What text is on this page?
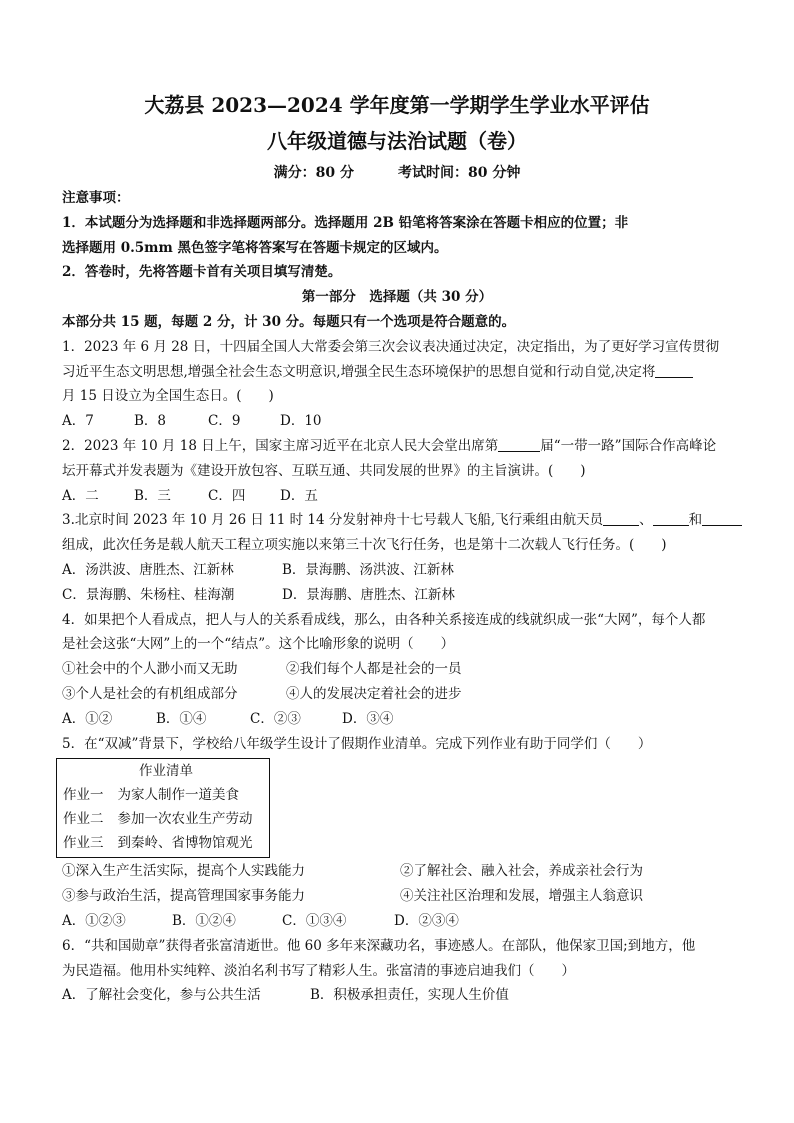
大荔县 2023—2024 学年度第一学期学生学业水平评估
八年级道德与法治试题（卷）
满分：80 分	考试时间：80 分钟
注意事项：
1．本试题分为选择题和非选择题两部分。选择题用 2B 铅笔将答案涂在答题卡相应的位置；非
选择题用 0.5mm 黑色签字笔将答案写在答题卡规定的区域内。
2．答卷时，先将答题卡首有关项目填写清楚。
第一部分　选择题（共 30 分）
本部分共 15 题，每题 2 分，计 30 分。每题只有一个选项是符合题意的。
1．2023 年 6 月 28 日，十四届全国人大常委会第三次会议表决通过决定，决定指出，为了更好学习宣传贯彻
习近平生态文明思想,增强全社会生态文明意识,增强全民生态环境保护的思想自觉和行动自觉,决定将
月 15 日设立为全国生态日。(　　)
A．7	B．8	C．9	D．10
2．2023 年 10 月 18 日上午，国家主席习近平在北京人民大会堂出席第	届“一带一路”国际合作高峰论
坛开幕式并发表题为《建设开放包容、互联互通、共同发展的世界》的主旨演讲。(　　)
A．二	B．三	C．四	D．五
3.北京时间 2023 年 10 月 26 日 11 时 14 分发射神舟十七号载人飞船,飞行乘组由航天员	、	和
组成，此次任务是载人航天工程立项实施以来第三十次飞行任务，也是第十二次载人飞行任务。(　　)
A．汤洪波、唐胜杰、江新林	B．景海鹏、汤洪波、江新林
C．景海鹏、朱杨柱、桂海潮	D．景海鹏、唐胜杰、江新林
4．如果把个人看成点，把人与人的关系看成线，那么，由各种关系接连成的线就织成一张“大网”，每个人都
是社会这张“大网”上的一个“结点”。这个比喻形象的说明（　　）
①社会中的个人渺小而又无助	②我们每个人都是社会的一员
③个人是社会的有机组成部分	④人的发展决定着社会的进步
A．①②	B．①④	C．②③	D．③④
5．在“双减”背景下，学校给八年级学生设计了假期作业清单。完成下列作业有助于同学们（　　）
作业清单
作业一 为家人制作一道美食
作业二 参加一次农业生产劳动
作业三 到秦岭、省博物馆观光
①深入生产生活实际，提高个人实践能力	②了解社会、融入社会，养成亲社会行为
③参与政治生活，提高管理国家事务能力	④关注社区治理和发展，增强主人翁意识
A．①②③	B．①②④	C．①③④	D．②③④
6．“共和国勋章”获得者张富清逝世。他 60 多年来深藏功名，事迹感人。在部队，他保家卫国;到地方，他
为民造福。他用朴实纯粹、淡泊名利书写了精彩人生。张富清的事迹启迪我们（　　）
A．了解社会变化，参与公共生活	B．积极承担责任，实现人生价值
